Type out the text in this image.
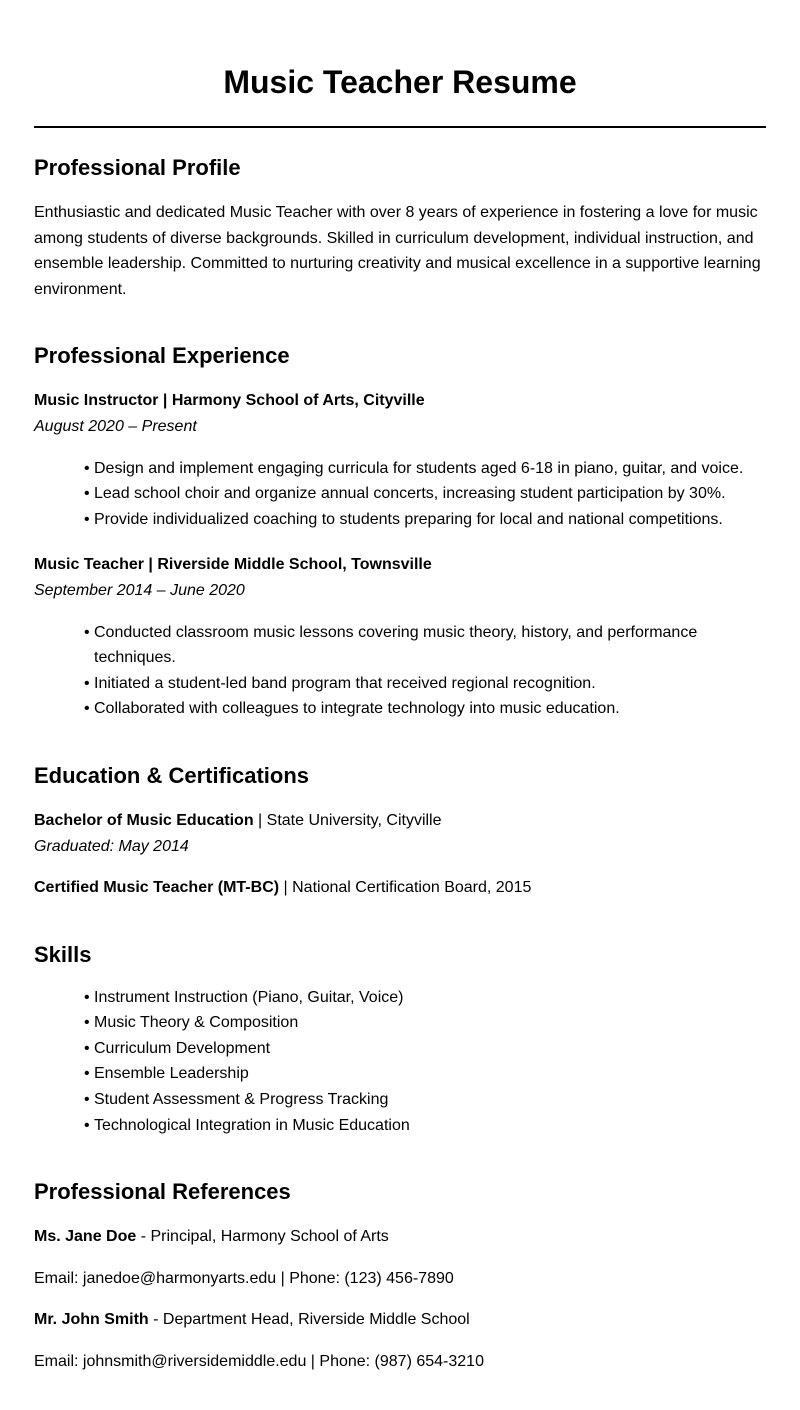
Music Teacher Resume
Professional Profile

Enthusiastic and dedicated Music Teacher with over 8 years of experience in fostering a love for music among students of diverse backgrounds. Skilled in curriculum development, individual instruction, and ensemble leadership. Committed to nurturing creativity and musical excellence in a supportive learning environment.

Professional Experience

Music Instructor | Harmony School of Arts, Cityville

August 2020 – Present

• Design and implement engaging curricula for students aged 6-18 in piano, guitar, and voice.
• Lead school choir and organize annual concerts, increasing student participation by 30%.
• Provide individualized coaching to students preparing for local and national competitions.

Music Teacher | Riverside Middle School, Townsville

September 2014 – June 2020

• Conducted classroom music lessons covering music theory, history, and performance techniques.
• Initiated a student-led band program that received regional recognition.
• Collaborated with colleagues to integrate technology into music education.
Education & Certifications

Bachelor of Music Education | State University, Cityville

Graduated: May 2014

Certified Music Teacher (MT-BC) | National Certification Board, 2015

Skills
• Instrument Instruction (Piano, Guitar, Voice)
• Music Theory & Composition
• Curriculum Development
• Ensemble Leadership
• Student Assessment & Progress Tracking
• Technological Integration in Music Education
Professional References

Ms. Jane Doe - Principal, Harmony School of Arts

Email: janedoe@harmonyarts.edu | Phone: (123) 456-7890

Mr. John Smith - Department Head, Riverside Middle School

Email: johnsmith@riversidemiddle.edu | Phone: (987) 654-3210
